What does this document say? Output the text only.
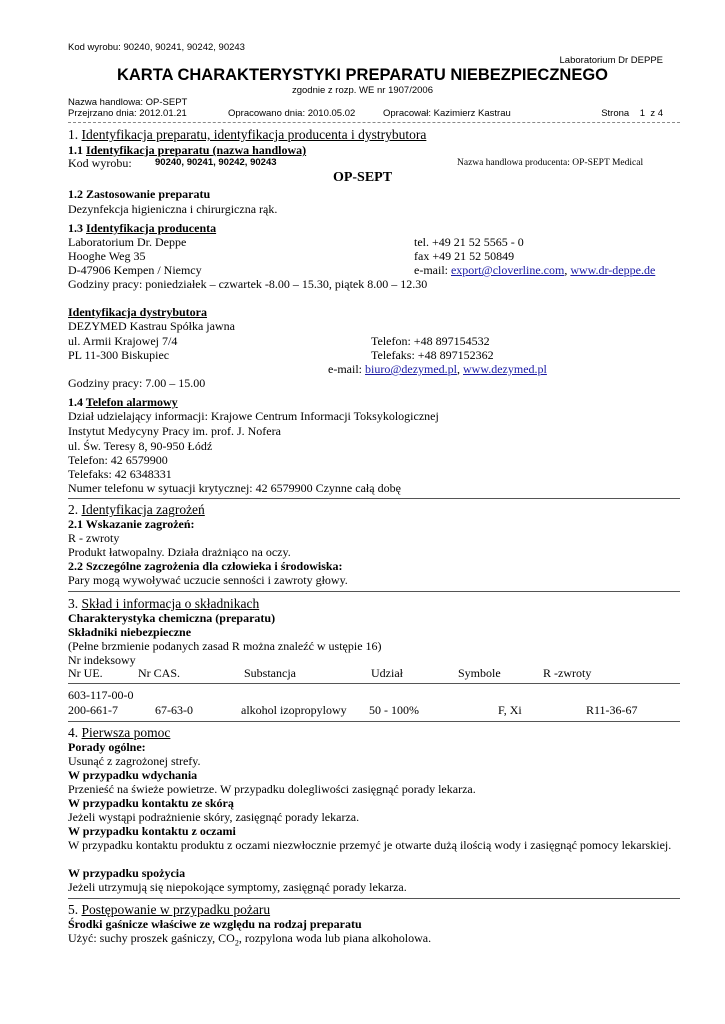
Kod wyrobu: 90240, 90241, 90242, 90243
Laboratorium Dr DEPPE
KARTA CHARAKTERYSTYKI PREPARATU NIEBEZPIECZNEGO
zgodnie z rozp. WE nr 1907/2006
Nazwa handlowa: OP-SEPT
Przejrzano dnia: 2012.01.21	Opracowano dnia: 2010.05.02	Opracował: Kazimierz Kastrau	Strona    1  z 4
1. Identyfikacja preparatu, identyfikacja producenta i dystrybutora
1.1 Identyfikacja preparatu (nazwa handlowa)
Kod wyrobu: 90240, 90241, 90242, 90243	Nazwa handlowa producenta: OP-SEPT Medical
OP-SEPT
1.2 Zastosowanie preparatu
Dezynfekcja higieniczna i chirurgiczna rąk.
1.3 Identyfikacja producenta
Laboratorium Dr. Deppe
Hooghe Weg 35
D-47906 Kempen / Niemcy
tel. +49 21 52 5565 - 0
fax +49 21 52 50849
e-mail: export@cloverline.com, www.dr-deppe.de
Godziny pracy: poniedziałek – czwartek -8.00 – 15.30, piątek 8.00 – 12.30
Identyfikacja dystrybutora
DEZYMED Kastrau Spółka jawna
ul. Armii Krajowej 7/4
PL 11-300 Biskupiec
Telefon: +48 897154532
Telefaks: +48 897152362
e-mail: biuro@dezymed.pl, www.dezymed.pl
Godziny pracy: 7.00 – 15.00
1.4 Telefon alarmowy
Dział udzielający informacji: Krajowe Centrum Informacji Toksykologicznej
Instytut Medycyny Pracy im. prof. J. Nofera
ul. Św. Teresy 8, 90-950 Łódź
Telefon: 42 6579900
Telefaks: 42 6348331
Numer telefonu w sytuacji krytycznej: 42 6579900 Czynne całą dobę
2. Identyfikacja zagrożeń
2.1 Wskazanie zagrożeń:
R - zwroty
Produkt łatwopalny. Działa drażniąco na oczy.
2.2 Szczególne zagrożenia dla człowieka i środowiska:
Pary mogą wywoływać uczucie senności i zawroty głowy.
3. Skład i informacja o składnikach
Charakterystyka chemiczna (preparatu)
Składniki niebezpieczne
(Pełne brzmienie podanych zasad R można znaleźć w ustępie 16)
Nr indeksowy
Nr UE.	Nr CAS.	Substancja	Udział	Symbole	R -zwroty
603-117-00-0
200-661-7	67-63-0	alkohol izopropylowy 50 - 100%	F, Xi	R11-36-67
4. Pierwsza pomoc
Porady ogólne:
Usunąć z zagrożonej strefy.
W przypadku wdychania
Przenieść na świeże powietrze. W przypadku dolegliwości zasięgnąć porady lekarza.
W przypadku kontaktu ze skórą
Jeżeli wystąpi podrażnienie skóry, zasięgnąć porady lekarza.
W przypadku kontaktu z oczami
W przypadku kontaktu produktu z oczami niezwłocznie przemyć je otwarte dużą ilością wody i zasięgnąć pomocy lekarskiej.
W przypadku spożycia
Jeżeli utrzymują się niepokojące symptomy, zasięgnąć porady lekarza.
5. Postępowanie w przypadku pożaru
Środki gaśnicze właściwe ze względu na rodzaj preparatu
Użyć: suchy proszek gaśniczy, $CO_2$, rozpylona woda lub piana alkoholowa.
